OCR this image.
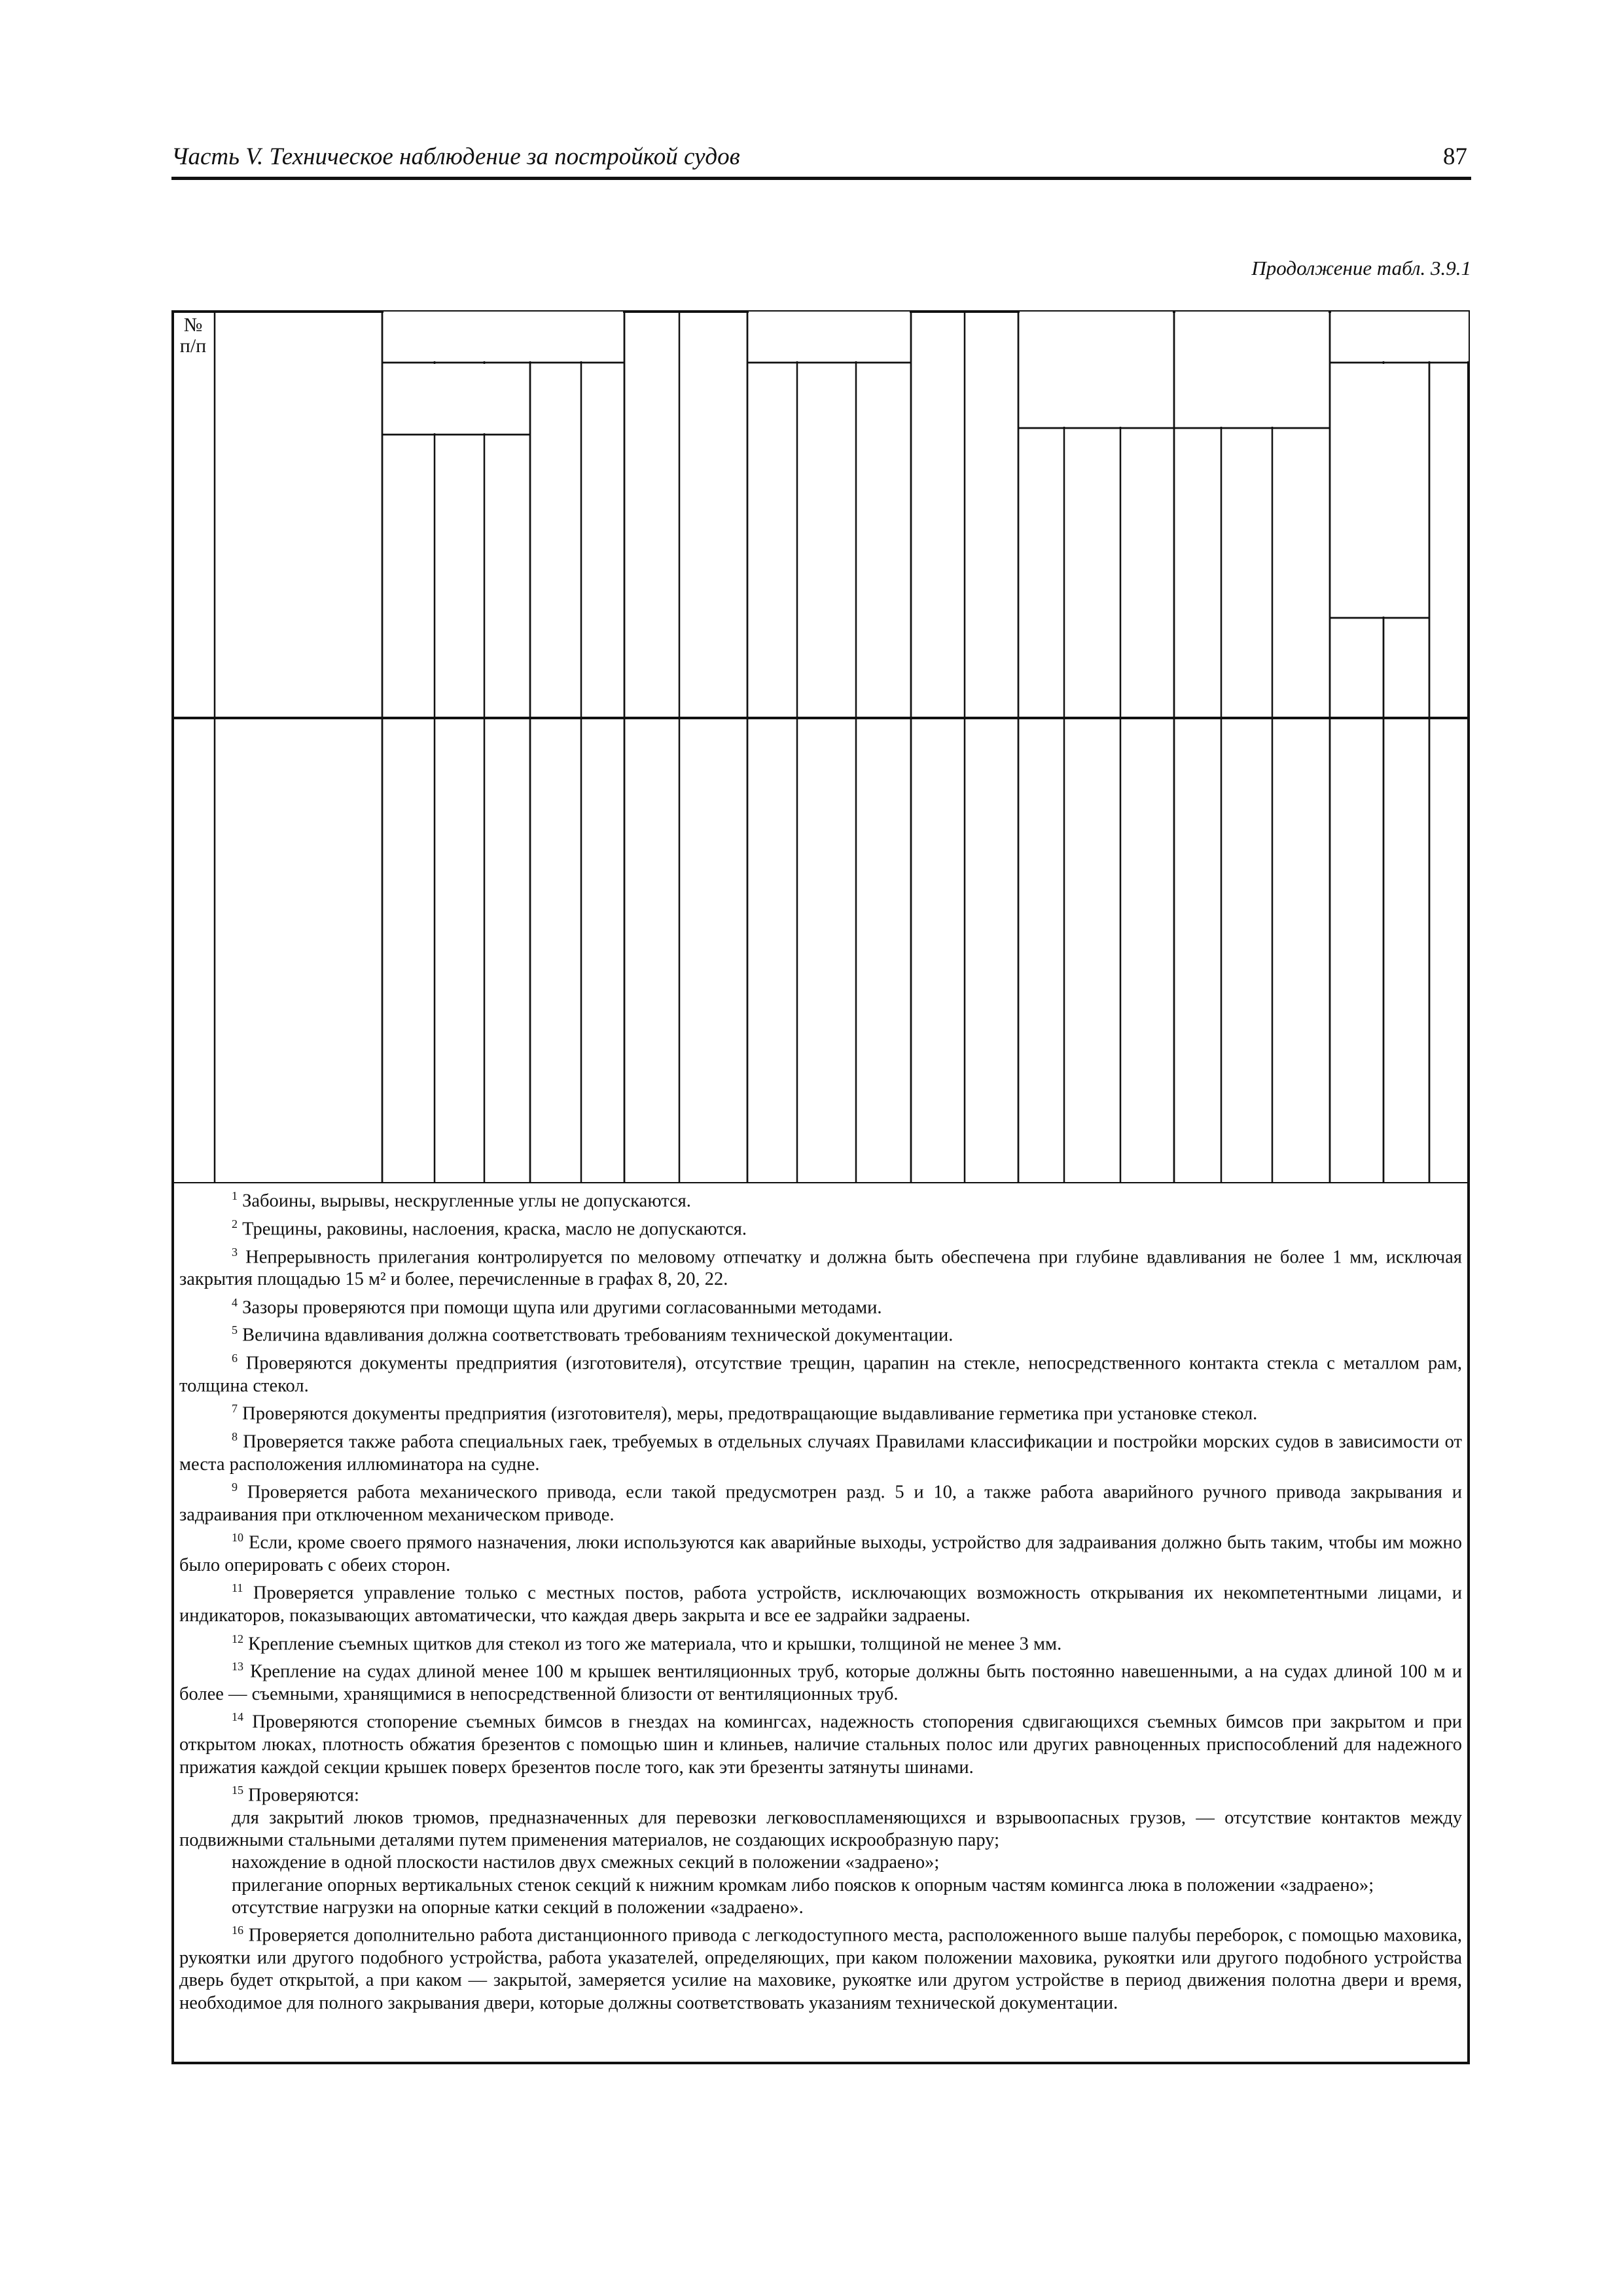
Часть V. Техническое наблюдение за постройкой судов	87
Продолжение табл. 3.9.1
№
п/п

$^1$ Забоины, вырывы, нескругленные углы не допускаются.

$^2$ Трещины, раковины, наслоения, краска, масло не допускаются.

$^3$ Непрерывность прилегания контролируется по меловому отпечатку и должна быть обеспечена при глубине вдавливания не более 1 мм, исключая закрытия площадью 15 м² и более, перечисленные в графах 8, 20, 22.

$^4$ Зазоры проверяются при помощи щупа или другими согласованными методами.

$^5$ Величина вдавливания должна соответствовать требованиям технической документации.

$^6$ Проверяются документы предприятия (изготовителя), отсутствие трещин, царапин на стекле, непосредственного контакта стекла с металлом рам, толщина стекол.

$^7$ Проверяются документы предприятия (изготовителя), меры, предотвращающие выдавливание герметика при установке стекол.

$^8$ Проверяется также работа специальных гаек, требуемых в отдельных случаях Правилами классификации и постройки морских судов в зависимости от места расположения иллюминатора на судне.

$^9$ Проверяется работа механического привода, если такой предусмотрен разд. 5 и 10, а также работа аварийного ручного привода закрывания и задраивания при отключенном механическом приводе.

$^{10}$ Если, кроме своего прямого назначения, люки используются как аварийные выходы, устройство для задраивания должно быть таким, чтобы им можно было оперировать с обеих сторон.

$^{11}$ Проверяется управление только с местных постов, работа устройств, исключающих возможность открывания их некомпетентными лицами, и индикаторов, показывающих автоматически, что каждая дверь закрыта и все ее задрайки задраены.

$^{12}$ Крепление съемных щитков для стекол из того же материала, что и крышки, толщиной не менее 3 мм.

$^{13}$ Крепление на судах длиной менее 100 м крышек вентиляционных труб, которые должны быть постоянно навешенными, а на судах длиной 100 м и более — съемными, хранящимися в непосредственной близости от вентиляционных труб.

$^{14}$ Проверяются стопорение съемных бимсов в гнездах на комингсах, надежность стопорения сдвигающихся съемных бимсов при закрытом и при открытом люках, плотность обжатия брезентов с помощью шин и клиньев, наличие стальных полос или других равноценных приспособлений для надежного прижатия каждой секции крышек поверх брезентов после того, как эти брезенты затянуты шинами.

$^{15}$ Проверяются:

для закрытий люков трюмов, предназначенных для перевозки легковоспламеняющихся и взрывоопасных грузов, — отсутствие контактов между подвижными стальными деталями путем применения материалов, не создающих искрообразную пару;

нахождение в одной плоскости настилов двух смежных секций в положении «задраено»;

прилегание опорных вертикальных стенок секций к нижним кромкам либо поясков к опорным частям комингса люка в положении «задраено»;

отсутствие нагрузки на опорные катки секций в положении «задраено».

$^{16}$ Проверяется дополнительно работа дистанционного привода с легкодоступного места, расположенного выше палубы переборок, с помощью маховика, рукоятки или другого подобного устройства, работа указателей, определяющих, при каком положении маховика, рукоятки или другого подобного устройства дверь будет открытой, а при каком — закрытой, замеряется усилие на маховике, рукоятке или другом устройстве в период движения полотна двери и время, необходимое для полного закрывания двери, которые должны соответствовать указаниям технической документации.
